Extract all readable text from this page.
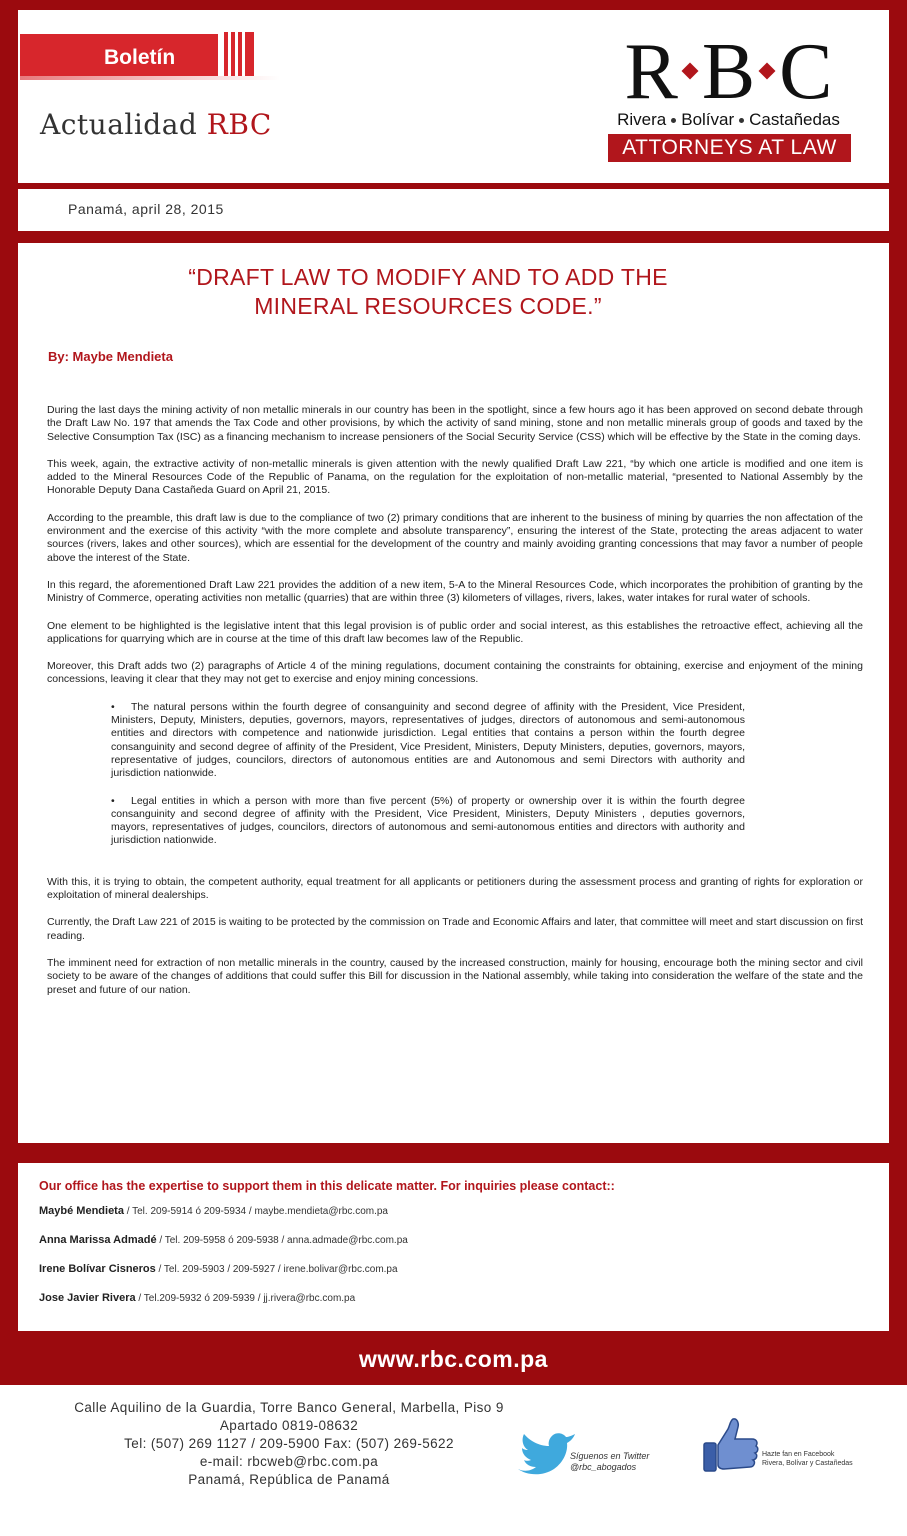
Boletín
Actualidad RBC
R B C
Rivera Bolívar Castañedas
ATTORNEYS AT LAW
Panamá, april 28, 2015
“DRAFT LAW TO MODIFY AND TO ADD THE
MINERAL RESOURCES CODE.”
By: Maybe Mendieta

During the last days the mining activity of non metallic minerals in our country has been in the spotlight, since a few hours ago it has been approved on second debate through the Draft Law No. 197 that amends the Tax Code and other provisions, by which the activity of sand mining, stone and non metallic minerals group of goods and taxed by the Selective Consumption Tax (ISC) as a financing mechanism to increase pensioners of the Social Security Service (CSS) which will be effective by the State in the coming days.

This week, again, the extractive activity of non-metallic minerals is given attention with the newly qualified Draft Law 221, “by which one article is modified and one item is added to the Mineral Resources Code of the Republic of Panama, on the regulation for the exploitation of non-metallic material, “presented to National Assembly by the Honorable Deputy Dana Castañeda Guard on April 21, 2015.

According to the preamble, this draft law is due to the compliance of two (2) primary conditions that are inherent to the business of mining by quarries the non affectation of the environment and the exercise of this activity “with the more complete and absolute transparency”, ensuring the interest of the State, protecting the areas adjacent to water sources (rivers, lakes and other sources), which are essential for the development of the country and mainly avoiding granting concessions that may favor a number of people above the interest of the State.

In this regard, the aforementioned Draft Law 221 provides the addition of a new item, 5-A to the Mineral Resources Code, which incorporates the prohibition of granting by the Ministry of Commerce, operating activities non metallic (quarries) that are within three (3) kilometers of villages, rivers, lakes, water intakes for rural water of schools.

One element to be highlighted is the legislative intent that this legal provision is of public order and social interest, as this establishes the retroactive effect, achieving all the applications for quarrying which are in course at the time of this draft law becomes law of the Republic.

Moreover, this Draft adds two (2) paragraphs of Article 4 of the mining regulations, document containing the constraints for obtaining, exercise and enjoyment of the mining concessions, leaving it clear that they may not get to exercise and enjoy mining concessions.

• The natural persons within the fourth degree of consanguinity and second degree of affinity with the President, Vice President, Ministers, Deputy, Ministers, deputies, governors, mayors, representatives of judges, directors of autonomous and semi-autonomous entities and directors with competence and nationwide jurisdiction. Legal entities that contains a person within the fourth degree consanguinity and second degree of affinity of the President, Vice President, Ministers, Deputy Ministers, deputies, governors, mayors, representative of judges, councilors, directors of autonomous entities are and Autonomous and semi Directors with authority and jurisdiction nationwide.

• Legal entities in which a person with more than five percent (5%) of property or ownership over it is within the fourth degree consanguinity and second degree of affinity with the President, Vice President, Ministers, Deputy Ministers , deputies governors, mayors, representatives of judges, councilors, directors of autonomous and semi-autonomous entities and directors with authority and jurisdiction nationwide.

With this, it is trying to obtain, the competent authority, equal treatment for all applicants or petitioners during the assessment process and granting of rights for exploration or exploitation of mineral dealerships.

Currently, the Draft Law 221 of 2015 is waiting to be protected by the commission on Trade and Economic Affairs and later, that committee will meet and start discussion on first reading.

The imminent need for extraction of non metallic minerals in the country, caused by the increased construction, mainly for housing, encourage both the mining sector and civil society to be aware of the changes of additions that could suffer this Bill for discussion in the National assembly, while taking into consideration the welfare of the state and the preset and future of our nation.

Our office has the expertise to support them in this delicate matter. For inquiries please contact::
Maybé Mendieta / Tel. 209-5914 ó 209-5934 / maybe.mendieta@rbc.com.pa
Anna Marissa Admadé / Tel. 209-5958 ó 209-5938 / anna.admade@rbc.com.pa
Irene Bolívar Cisneros / Tel. 209-5903 / 209-5927 / irene.bolivar@rbc.com.pa
Jose Javier Rivera / Tel.209-5932 ó 209-5939 / jj.rivera@rbc.com.pa
www.rbc.com.pa
Calle Aquilino de la Guardia, Torre Banco General, Marbella, Piso 9
Apartado 0819-08632
Tel: (507) 269 1127 / 209-5900 Fax: (507) 269-5622
e-mail: rbcweb@rbc.com.pa
Panamá, República de Panamá
Síguenos en Twitter
@rbc_abogados
Hazte fan en Facebook
Rivera, Bolívar y Castañedas
